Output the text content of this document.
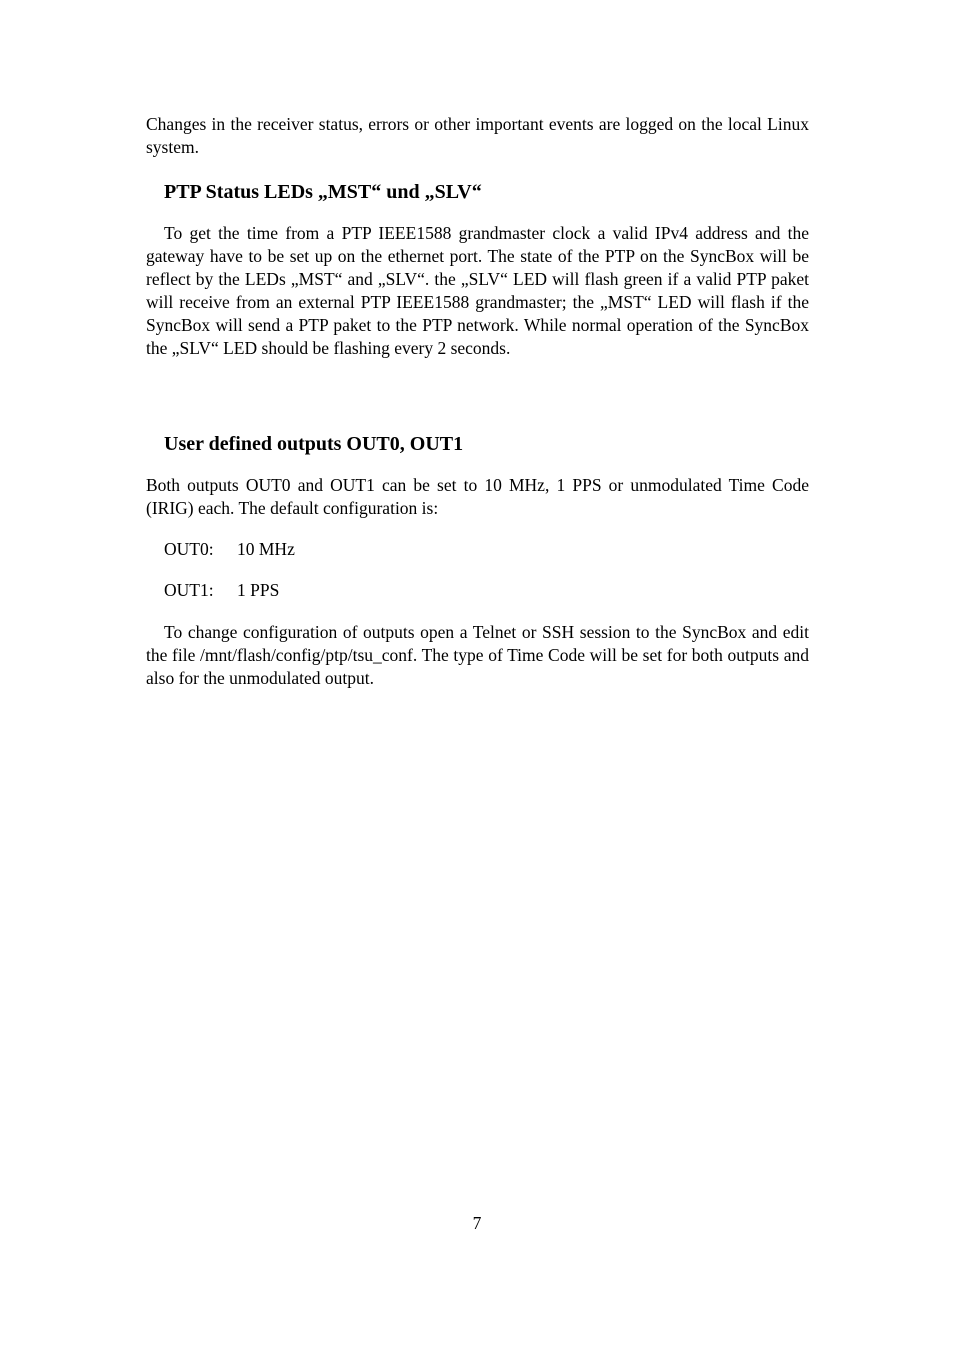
Changes in the receiver status, errors or other important events are logged on the local Linux system.

PTP Status LEDs „MST“ und „SLV“

To get the time from a PTP IEEE1588 grandmaster clock a valid IPv4 address and the gateway have to be set up on the ethernet port. The state of the PTP on the SyncBox will be reflect by the LEDs „MST“ and „SLV“. the „SLV“ LED will flash green if a valid PTP paket will receive from an external PTP IEEE1588 grandmaster; the „MST“ LED will flash if the SyncBox will send a PTP paket to the PTP network. While normal operation of the SyncBox the „SLV“ LED should be flashing every 2 seconds.

User defined outputs OUT0, OUT1

Both outputs OUT0 and OUT1 can be set to 10 MHz, 1 PPS or unmodulated Time Code (IRIG) each. The default configuration is:

OUT0:	10 MHz
OUT1:	1 PPS

To change configuration of outputs open a Telnet or SSH session to the SyncBox and edit the file /mnt/flash/config/ptp/tsu_conf. The type of Time Code will be set for both outputs and also for the unmodulated output.

7
